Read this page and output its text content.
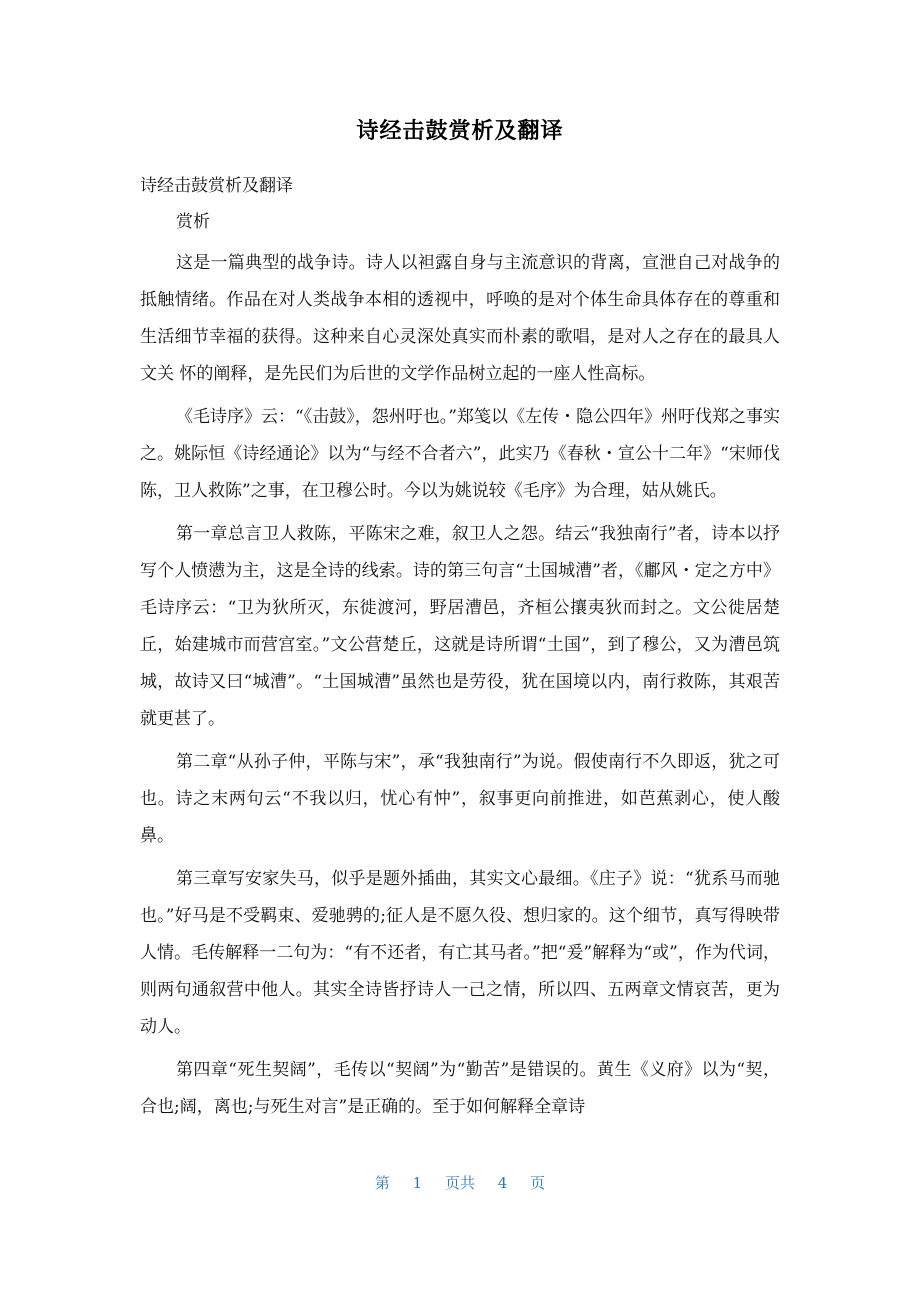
诗经击鼓赏析及翻译
诗经击鼓赏析及翻译
赏析

这是一篇典型的战争诗。诗人以袒露自身与主流意识的背离，宣泄自己对战争的抵触情绪。作品在对人类战争本相的透视中，呼唤的是对个体生命具体存在的尊重和生活细节幸福的获得。这种来自心灵深处真实而朴素的歌唱，是对人之存在的最具人文关 怀的阐释，是先民们为后世的文学作品树立起的一座人性高标。

《毛诗序》云：“《击鼓》，怨州吁也。”郑笺以《左传・隐公四年》州吁伐郑之事实之。姚际恒《诗经通论》以为“与经不合者六”，此实乃《春秋・宣公十二年》“宋师伐陈，卫人救陈”之事，在卫穆公时。今以为姚说较《毛序》为合理，姑从姚氏。

第一章总言卫人救陈，平陈宋之难，叙卫人之怨。结云“我独南行”者，诗本以抒写个人愤懑为主，这是全诗的线索。诗的第三句言“土国城漕”者，《鄘风・定之方中》毛诗序云：“卫为狄所灭，东徙渡河，野居漕邑，齐桓公攘夷狄而封之。文公徙居楚丘，始建城市而营宫室。”文公营楚丘，这就是诗所谓“土国”，到了穆公，又为漕邑筑城，故诗又曰“城漕”。“土国城漕”虽然也是劳役，犹在国境以内，南行救陈，其艰苦就更甚了。

第二章“从孙子仲，平陈与宋”，承“我独南行”为说。假使南行不久即返，犹之可也。诗之末两句云“不我以归，忧心有忡”，叙事更向前推进，如芭蕉剥心，使人酸鼻。

第三章写安家失马，似乎是题外插曲，其实文心最细。《庄子》说：“犹系马而驰也。”好马是不受羁束、爱驰骋的;征人是不愿久役、想归家的。这个细节，真写得映带人情。毛传解释一二句为：“有不还者，有亡其马者。”把“爰”解释为“或”，作为代词，则两句通叙营中他人。其实全诗皆抒诗人一己之情，所以四、五两章文情哀苦，更为动人。

第四章“死生契阔”，毛传以“契阔”为“勤苦”是错误的。黄生《义府》以为“契，合也;阔，离也;与死生对言”是正确的。至于如何解释全章诗

第 1 页共 4 页
